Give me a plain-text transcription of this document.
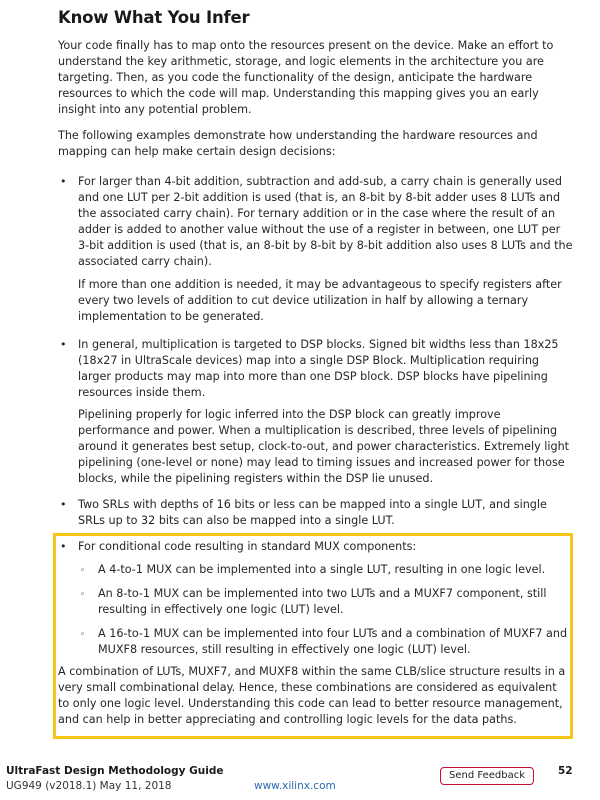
Know What You Infer

Your code finally has to map onto the resources present on the device. Make an effort to understand the key arithmetic, storage, and logic elements in the architecture you are targeting. Then, as you code the functionality of the design, anticipate the hardware resources to which the code will map. Understanding this mapping gives you an early insight into any potential problem.

The following examples demonstrate how understanding the hardware resources and mapping can help make certain design decisions:

• For larger than 4-bit addition, subtraction and add-sub, a carry chain is generally used and one LUT per 2-bit addition is used (that is, an 8-bit by 8-bit adder uses 8 LUTs and the associated carry chain). For ternary addition or in the case where the result of an adder is added to another value without the use of a register in between, one LUT per 3-bit addition is used (that is, an 8-bit by 8-bit by 8-bit addition also uses 8 LUTs and the associated carry chain).

If more than one addition is needed, it may be advantageous to specify registers after every two levels of addition to cut device utilization in half by allowing a ternary implementation to be generated.

• In general, multiplication is targeted to DSP blocks. Signed bit widths less than 18x25 (18x27 in UltraScale devices) map into a single DSP Block. Multiplication requiring larger products may map into more than one DSP block. DSP blocks have pipelining resources inside them.

Pipelining properly for logic inferred into the DSP block can greatly improve performance and power. When a multiplication is described, three levels of pipelining around it generates best setup, clock-to-out, and power characteristics. Extremely light pipelining (one-level or none) may lead to timing issues and increased power for those blocks, while the pipelining registers within the DSP lie unused.

• Two SRLs with depths of 16 bits or less can be mapped into a single LUT, and single SRLs up to 32 bits can also be mapped into a single LUT.

• For conditional code resulting in standard MUX components:

◦ A 4-to-1 MUX can be implemented into a single LUT, resulting in one logic level.

◦ An 8-to-1 MUX can be implemented into two LUTs and a MUXF7 component, still resulting in effectively one logic (LUT) level.

◦ A 16-to-1 MUX can be implemented into four LUTs and a combination of MUXF7 and MUXF8 resources, still resulting in effectively one logic (LUT) level.

A combination of LUTs, MUXF7, and MUXF8 within the same CLB/slice structure results in a very small combinational delay. Hence, these combinations are considered as equivalent to only one logic level. Understanding this code can lead to better resource management, and can help in better appreciating and controlling logic levels for the data paths.

UltraFast Design Methodology Guide
UG949 (v2018.1) May 11, 2018	www.xilinx.com
Send Feedback	52
